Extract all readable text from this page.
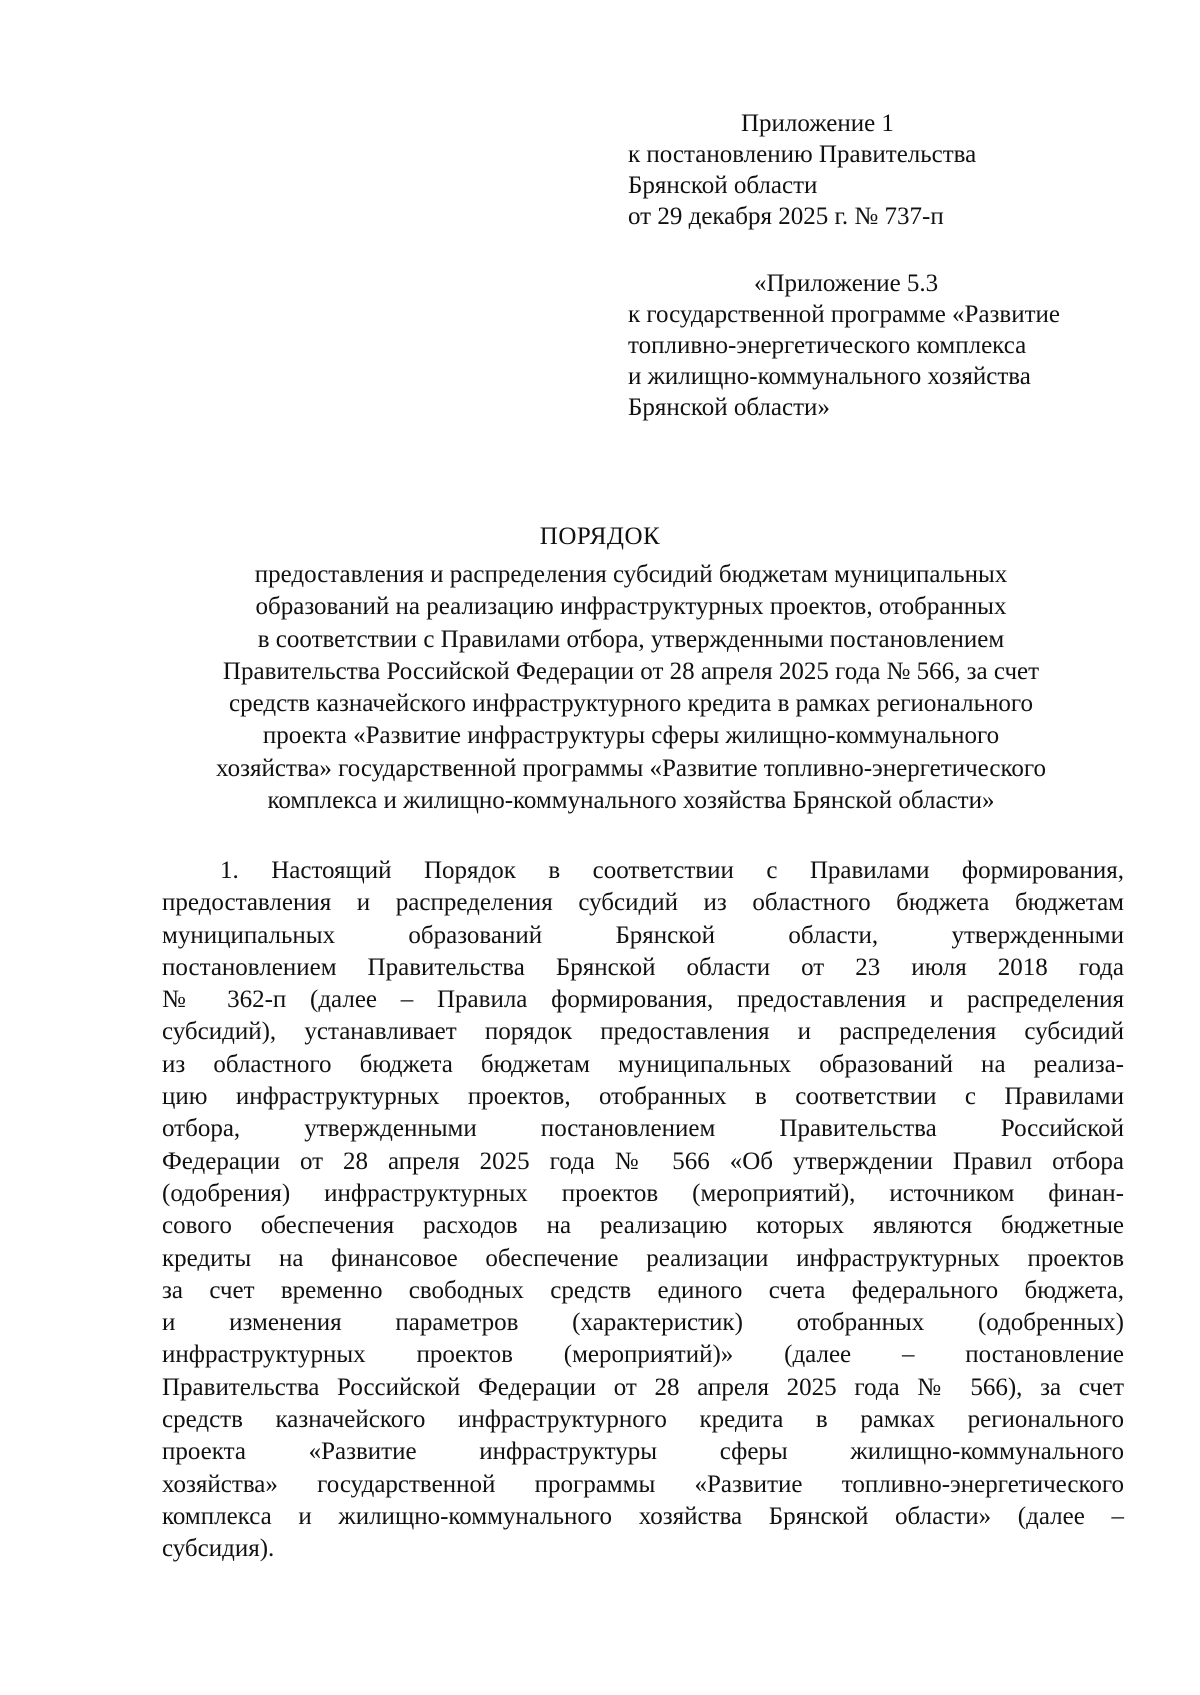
Приложение 1
к постановлению Правительства
Брянской области
от 29 декабря 2025 г. № 737-п
«Приложение 5.3
к государственной программе «Развитие
топливно-энергетического комплекса
и жилищно-коммунального хозяйства
Брянской области»
ПОРЯДОК
предоставления и распределения субсидий бюджетам муниципальных
образований на реализацию инфраструктурных проектов, отобранных
в соответствии с Правилами отбора, утвержденными постановлением
Правительства Российской Федерации от 28 апреля 2025 года № 566, за счет
средств казначейского инфраструктурного кредита в рамках регионального
проекта «Развитие инфраструктуры сферы жилищно-коммунального
хозяйства» государственной программы «Развитие топливно-энергетического
комплекса и жилищно-коммунального хозяйства Брянской области»
1. Настоящий Порядок в соответствии с Правилами формирования,
предоставления и распределения субсидий из областного бюджета бюджетам
муниципальных образований Брянской области, утвержденными
постановлением Правительства Брянской области от 23 июля 2018 года
№ 362-п (далее – Правила формирования, предоставления и распределения
субсидий), устанавливает порядок предоставления и распределения субсидий
из областного бюджета бюджетам муниципальных образований на реализа-
цию инфраструктурных проектов, отобранных в соответствии с Правилами
отбора, утвержденными постановлением Правительства Российской
Федерации от 28 апреля 2025 года № 566 «Об утверждении Правил отбора
(одобрения) инфраструктурных проектов (мероприятий), источником финан-
сового обеспечения расходов на реализацию которых являются бюджетные
кредиты на финансовое обеспечение реализации инфраструктурных проектов
за счет временно свободных средств единого счета федерального бюджета,
и изменения параметров (характеристик) отобранных (одобренных)
инфраструктурных проектов (мероприятий)» (далее – постановление
Правительства Российской Федерации от 28 апреля 2025 года № 566), за счет
средств казначейского инфраструктурного кредита в рамках регионального
проекта «Развитие инфраструктуры сферы жилищно-коммунального
хозяйства» государственной программы «Развитие топливно-энергетического
комплекса и жилищно-коммунального хозяйства Брянской области» (далее –
субсидия).
